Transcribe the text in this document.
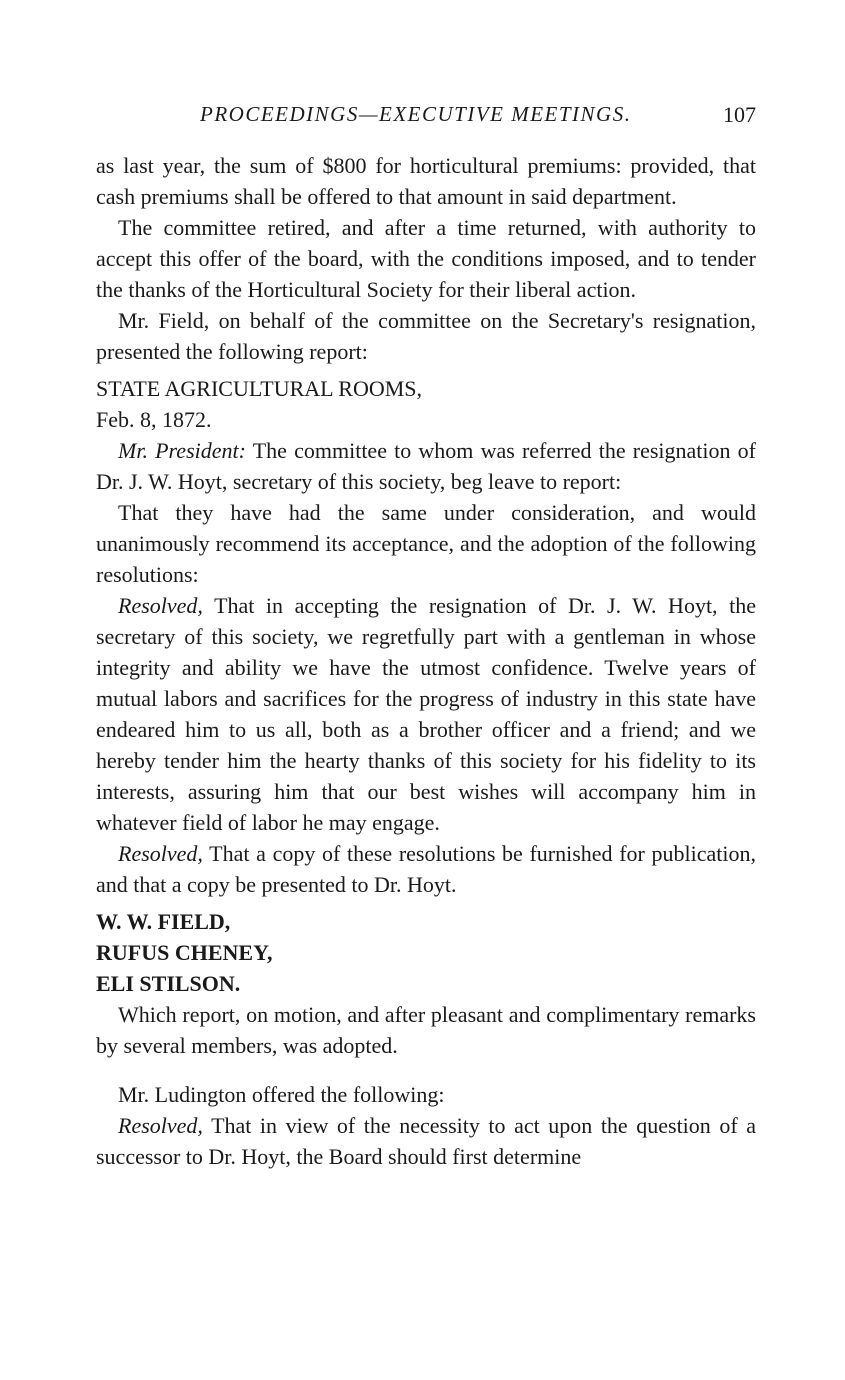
PROCEEDINGS—EXECUTIVE MEETINGS.	107

as last year, the sum of $800 for horticultural premiums: provided, that cash premiums shall be offered to that amount in said department.

The committee retired, and after a time returned, with authority to accept this offer of the board, with the conditions imposed, and to tender the thanks of the Horticultural Society for their liberal action.

Mr. Field, on behalf of the committee on the Secretary's resignation, presented the following report:

STATE AGRICULTURAL ROOMS,

Feb. 8, 1872.

Mr. President: The committee to whom was referred the resignation of Dr. J. W. Hoyt, secretary of this society, beg leave to report:

That they have had the same under consideration, and would unanimously recommend its acceptance, and the adoption of the following resolutions:

Resolved, That in accepting the resignation of Dr. J. W. Hoyt, the secretary of this society, we regretfully part with a gentleman in whose integrity and ability we have the utmost confidence. Twelve years of mutual labors and sacrifices for the progress of industry in this state have endeared him to us all, both as a brother officer and a friend; and we hereby tender him the hearty thanks of this society for his fidelity to its interests, assuring him that our best wishes will accompany him in whatever field of labor he may engage.

Resolved, That a copy of these resolutions be furnished for publication, and that a copy be presented to Dr. Hoyt.

W. W. FIELD,

RUFUS CHENEY,

ELI STILSON.

Which report, on motion, and after pleasant and complimentary remarks by several members, was adopted.

Mr. Ludington offered the following:

Resolved, That in view of the necessity to act upon the question of a successor to Dr. Hoyt, the Board should first determine
